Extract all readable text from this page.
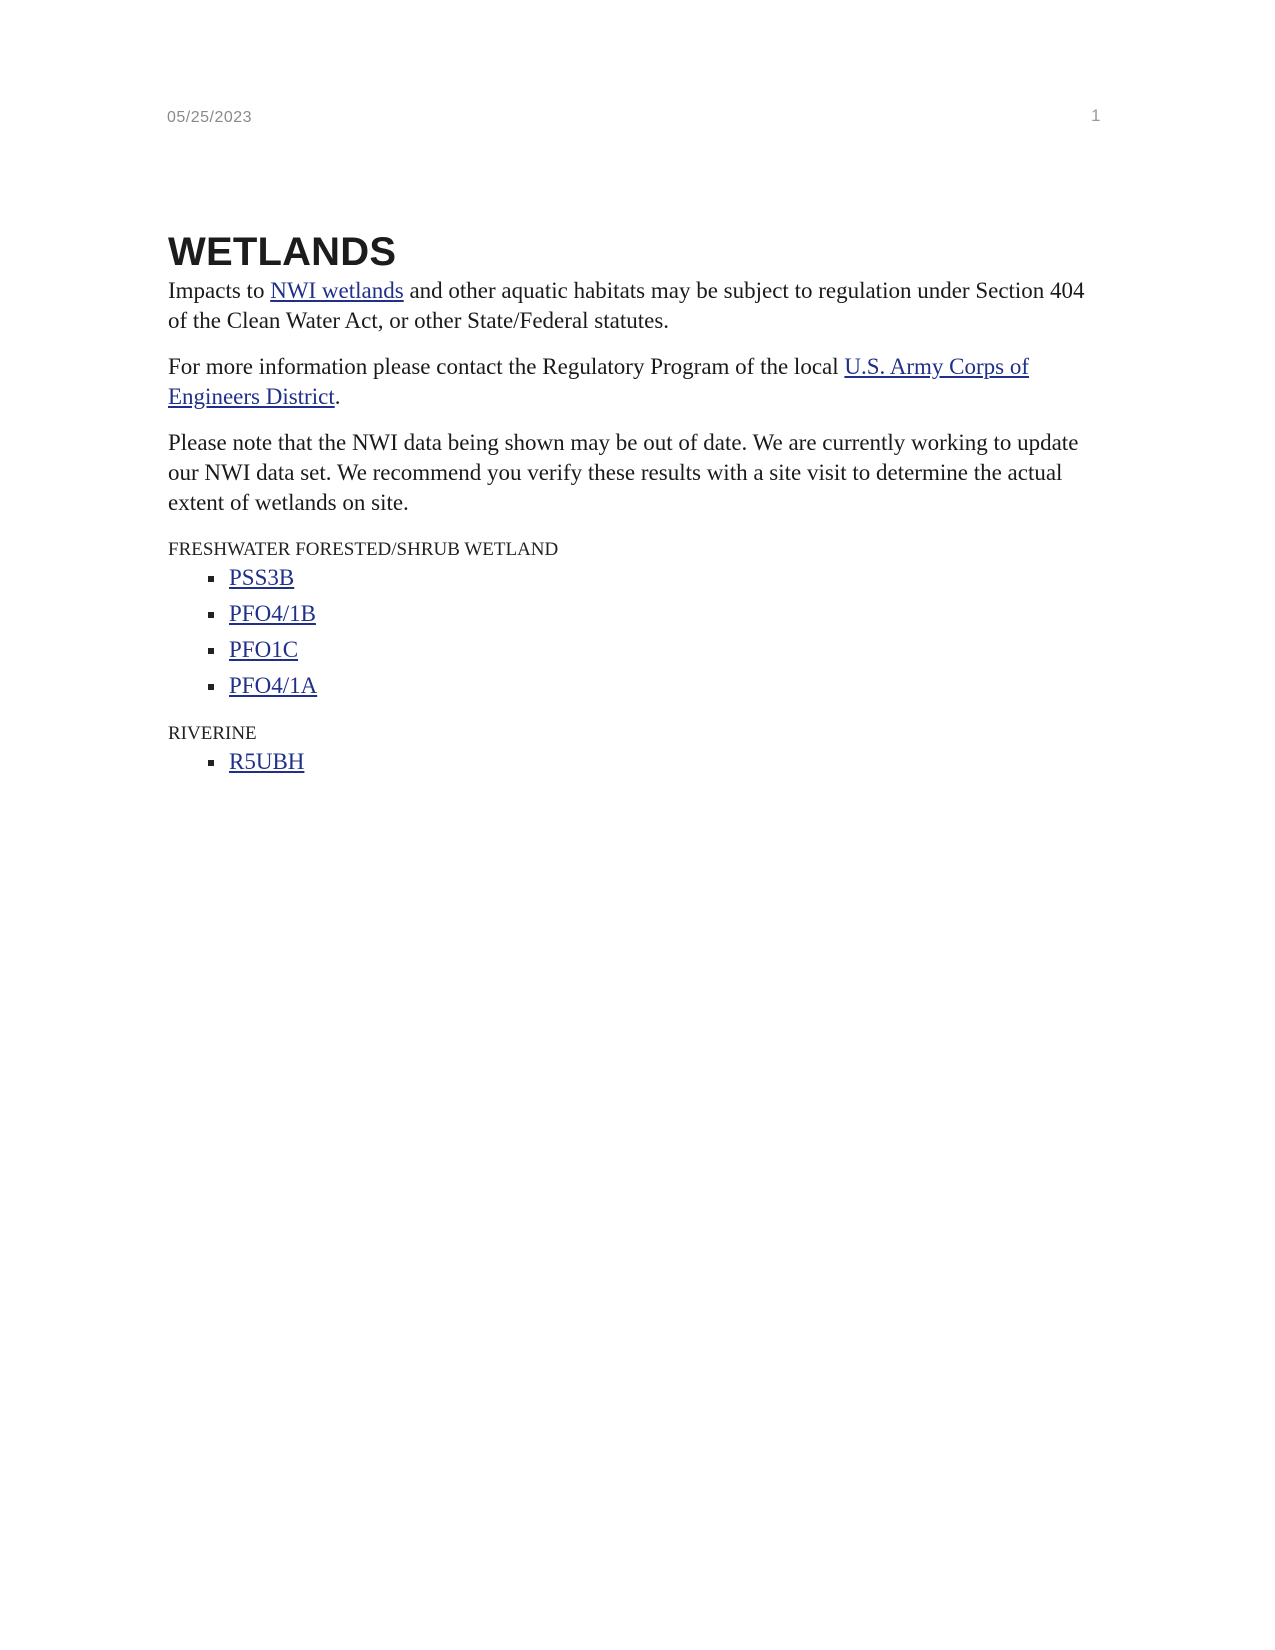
05/25/2023	1
WETLANDS

Impacts to NWI wetlands and other aquatic habitats may be subject to regulation under Section 404 of the Clean Water Act, or other State/Federal statutes.

For more information please contact the Regulatory Program of the local U.S. Army Corps of Engineers District.

Please note that the NWI data being shown may be out of date. We are currently working to update our NWI data set. We recommend you verify these results with a site visit to determine the actual extent of wetlands on site.

FRESHWATER FORESTED/SHRUB WETLAND
PSS3B
PFO4/1B
PFO1C
PFO4/1A
RIVERINE
R5UBH
